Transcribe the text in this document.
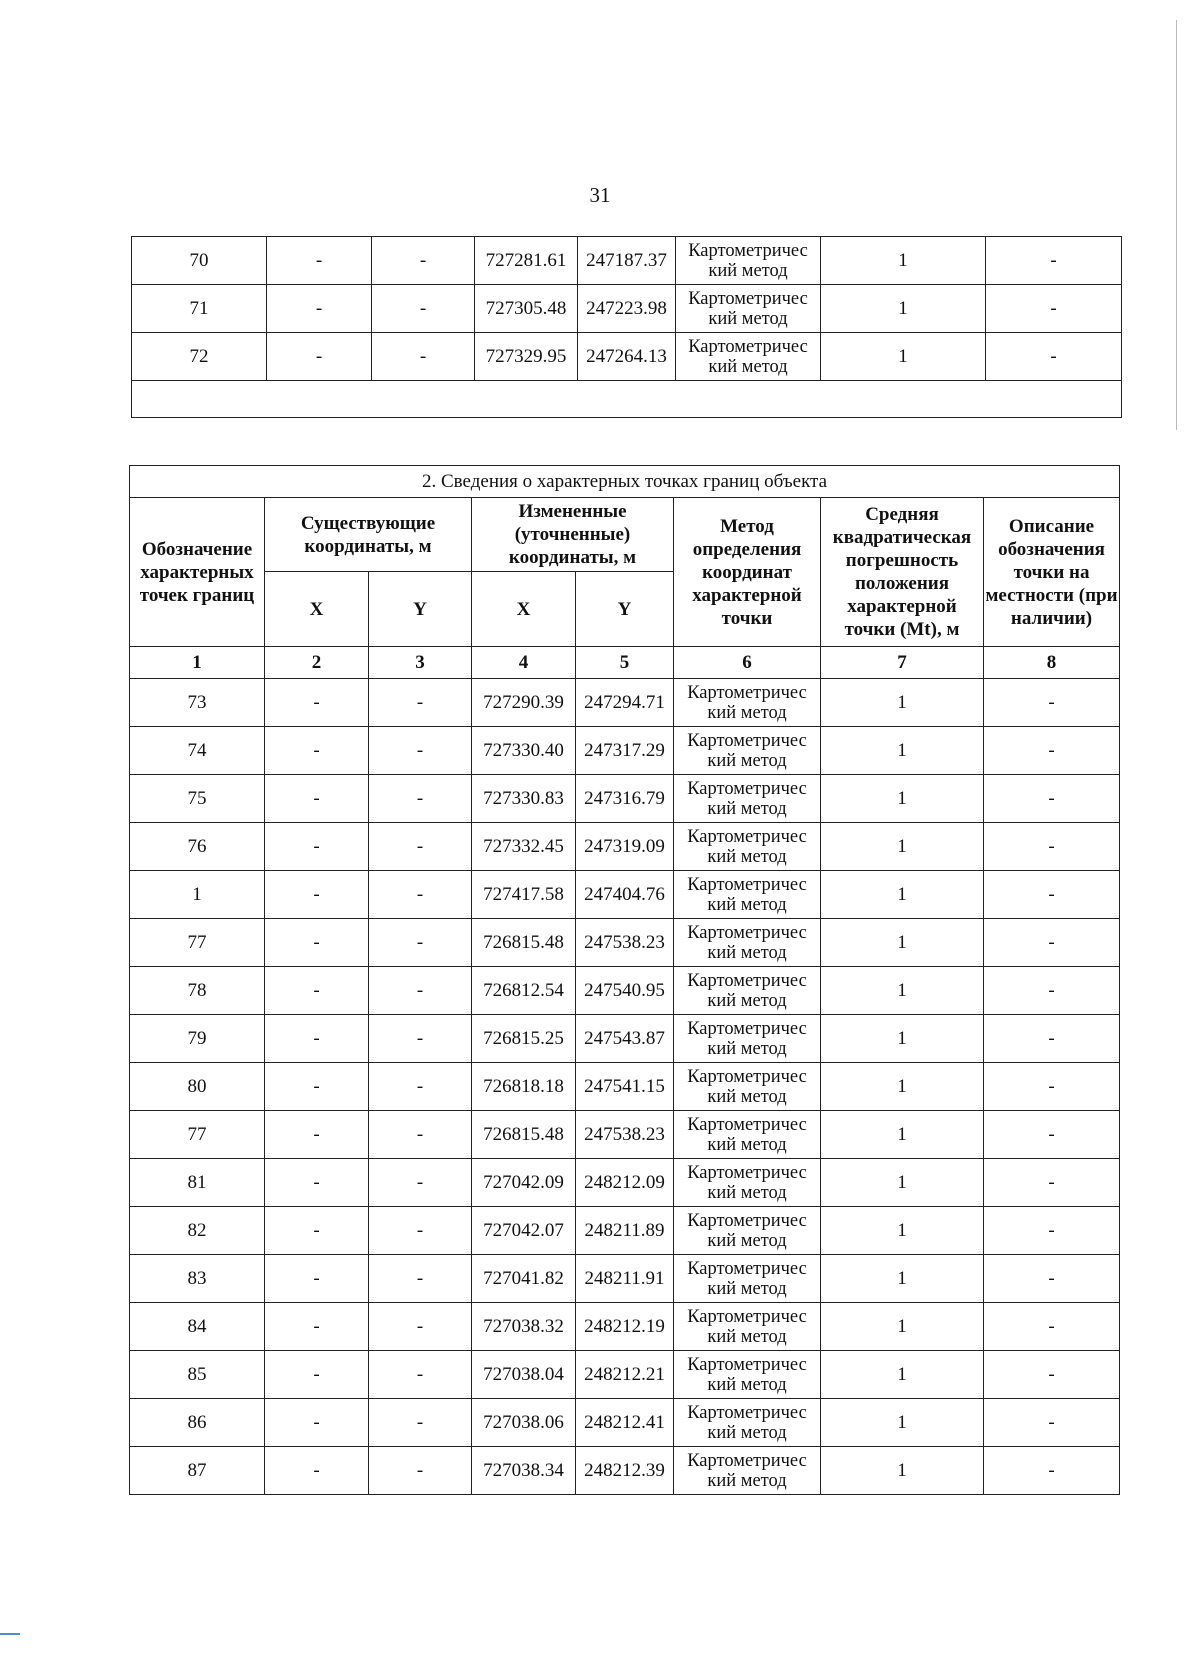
31
70	-	-	727281.61	247187.37	Картометричес кий метод	1	-
71	-	-	727305.48	247223.98	Картометричес кий метод	1	-
72	-	-	727329.95	247264.13	Картометричес кий метод	1	-

2. Сведения о характерных точках границ объекта							
Обозначение характерных точек границ	Существующие координаты, м		Измененные (уточненные) координаты, м		Метод определения координат характерной точки	Средняя квадратическая погрешность положения характерной точки (Mt), м	Описание обозначения точки на местности (при наличии)
	X	Y	X	Y			
1	2	3	4	5	6	7	8
73	-	-	727290.39	247294.71	Картометричес кий метод	1	-
74	-	-	727330.40	247317.29	Картометричес кий метод	1	-
75	-	-	727330.83	247316.79	Картометричес кий метод	1	-
76	-	-	727332.45	247319.09	Картометричес кий метод	1	-
1	-	-	727417.58	247404.76	Картометричес кий метод	1	-
77	-	-	726815.48	247538.23	Картометричес кий метод	1	-
78	-	-	726812.54	247540.95	Картометричес кий метод	1	-
79	-	-	726815.25	247543.87	Картометричес кий метод	1	-
80	-	-	726818.18	247541.15	Картометричес кий метод	1	-
77	-	-	726815.48	247538.23	Картометричес кий метод	1	-
81	-	-	727042.09	248212.09	Картометричес кий метод	1	-
82	-	-	727042.07	248211.89	Картометричес кий метод	1	-
83	-	-	727041.82	248211.91	Картометричес кий метод	1	-
84	-	-	727038.32	248212.19	Картометричес кий метод	1	-
85	-	-	727038.04	248212.21	Картометричес кий метод	1	-
86	-	-	727038.06	248212.41	Картометричес кий метод	1	-
87	-	-	727038.34	248212.39	Картометричес кий метод	1	-
